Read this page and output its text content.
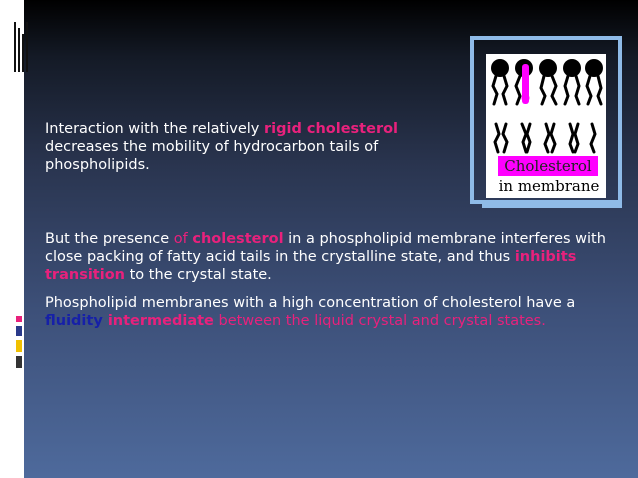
Interaction with the relatively rigid cholesterol decreases the mobility of hydrocarbon tails of phospholipids.

But the presence of cholesterol in a phospholipid membrane interferes with close packing of fatty acid tails in the crystalline state, and thus inhibits transition to the crystal state.

Phospholipid membranes with a high concentration of cholesterol have a fluidity intermediate between the liquid crystal and crystal states.

Cholesterol
in membrane
